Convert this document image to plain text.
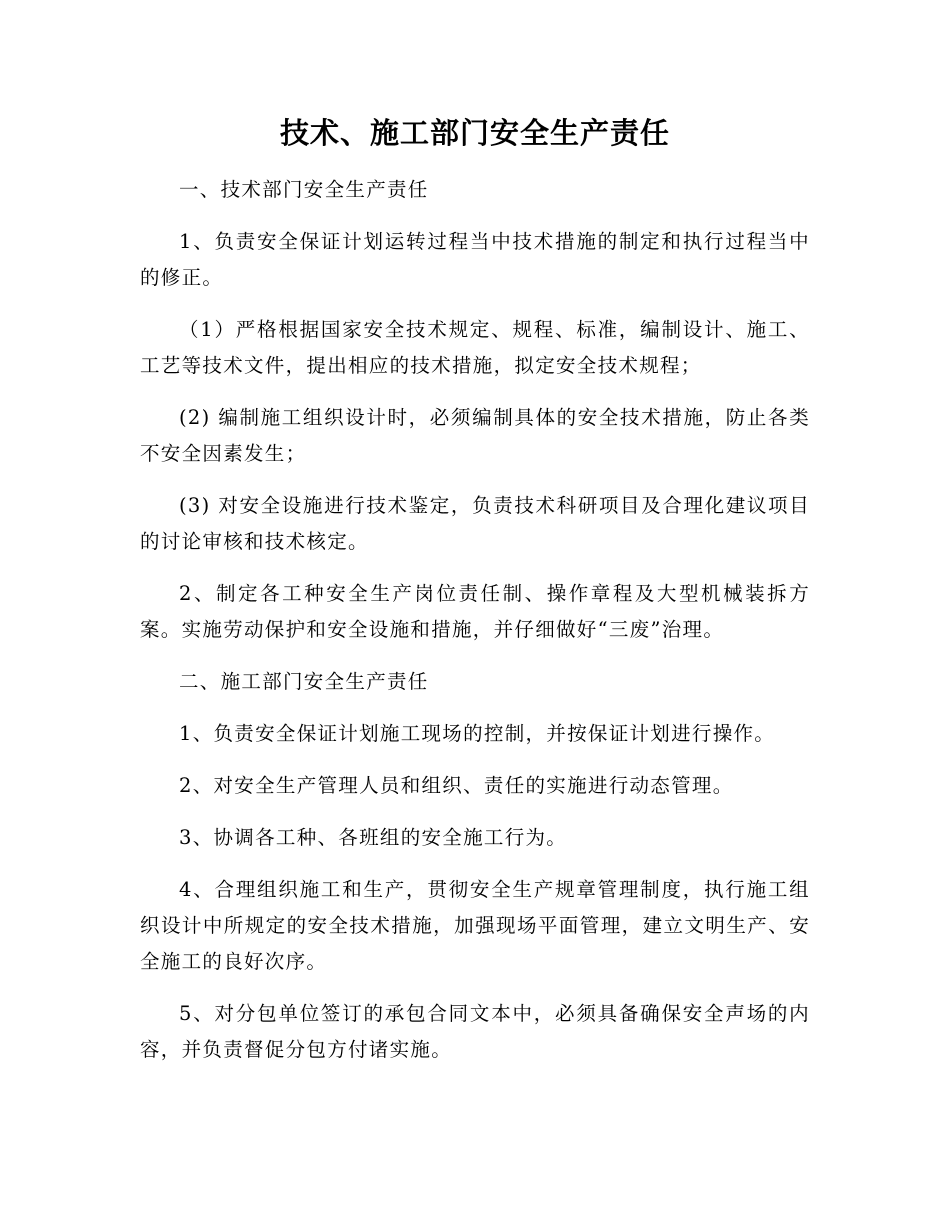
技术、施工部门安全生产责任

一、技术部门安全生产责任

1、负责安全保证计划运转过程当中技术措施的制定和执行过程当中的修正。

（1）严格根据国家安全技术规定、规程、标准，编制设计、施工、工艺等技术文件，提出相应的技术措施，拟定安全技术规程；

(2) 编制施工组织设计时，必须编制具体的安全技术措施，防止各类不安全因素发生；

(3) 对安全设施进行技术鉴定，负责技术科研项目及合理化建议项目的讨论审核和技术核定。

2、制定各工种安全生产岗位责任制、操作章程及大型机械装拆方案。实施劳动保护和安全设施和措施，并仔细做好“三废”治理。

二、施工部门安全生产责任

1、负责安全保证计划施工现场的控制，并按保证计划进行操作。

2、对安全生产管理人员和组织、责任的实施进行动态管理。

3、协调各工种、各班组的安全施工行为。

4、合理组织施工和生产，贯彻安全生产规章管理制度，执行施工组织设计中所规定的安全技术措施，加强现场平面管理，建立文明生产、安全施工的良好次序。

5、对分包单位签订的承包合同文本中，必须具备确保安全声场的内容，并负责督促分包方付诸实施。
